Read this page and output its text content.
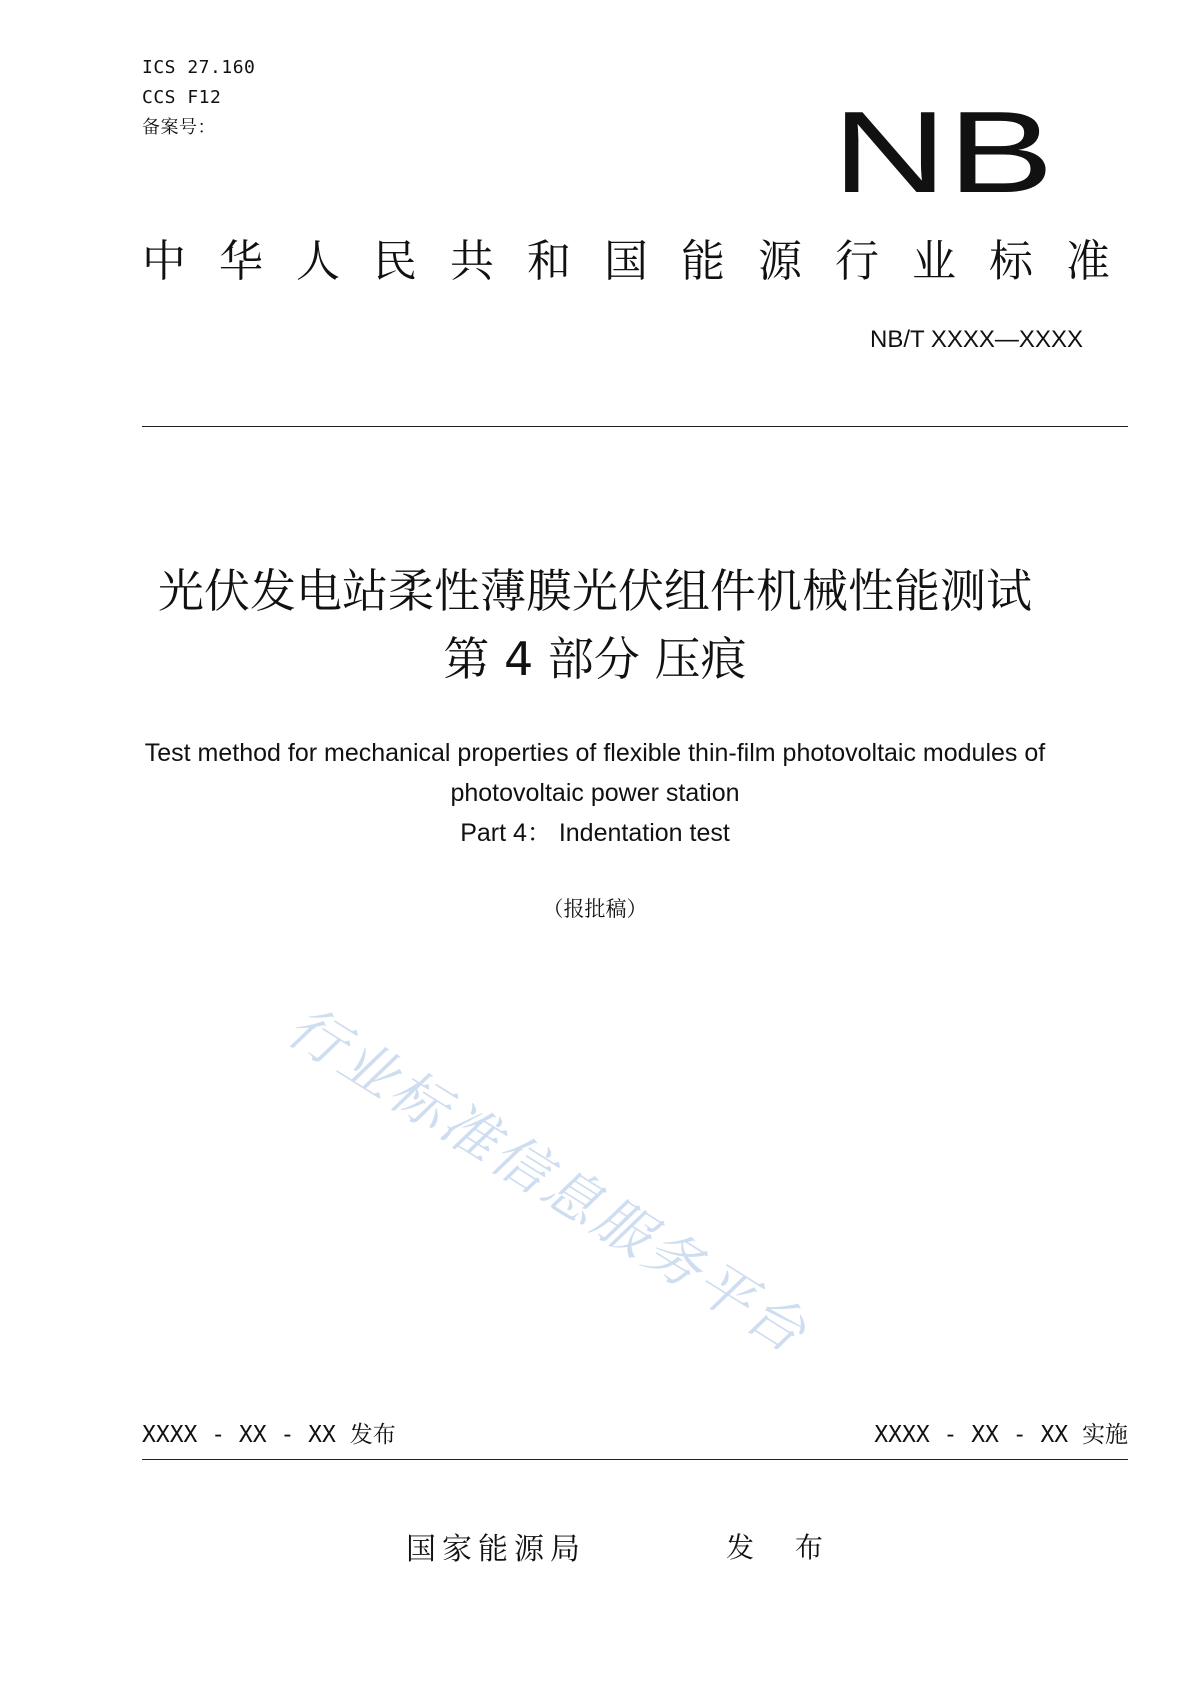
ICS 27.160
CCS F12
备案号：	NB
中华人民共和国能源行业标准
NB/T XXXX—XXXX
光伏发电站柔性薄膜光伏组件机械性能测试
第 4 部分 压痕
Test method for mechanical properties of flexible thin-film photovoltaic modules of
photovoltaic power station
Part 4： Indentation test
（报批稿）
行业标准信息服务平台
XXXX - XX - XX 发布	XXXX - XX - XX 实施
国家能源局	发 布
